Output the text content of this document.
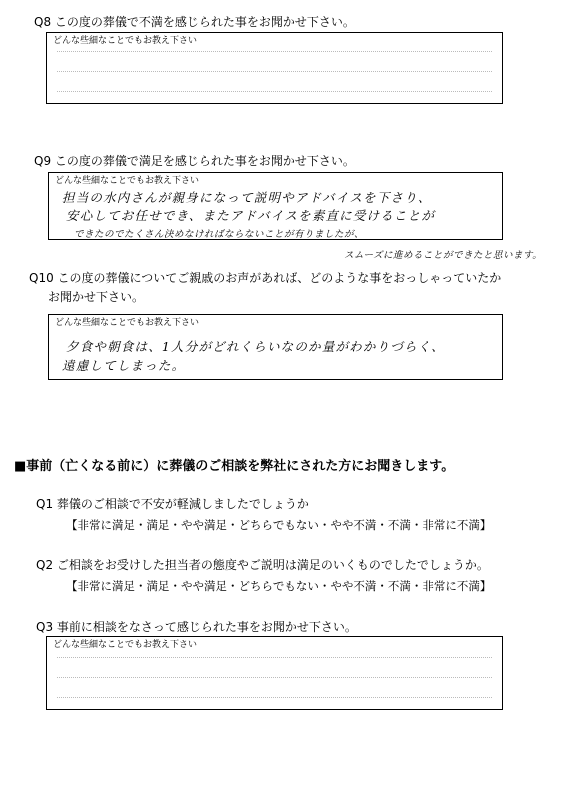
Q8 この度の葬儀で不満を感じられた事をお聞かせ下さい。
どんな些細なことでもお教え下さい
Q9 この度の葬儀で満足を感じられた事をお聞かせ下さい。
どんな些細なことでもお教え下さい
担当の水内さんが親身になって説明やアドバイスを下さり、
安心してお任せでき、またアドバイスを素直に受けることが
できたのでたくさん決めなければならないことが有りましたが、
スムーズに進めることができたと思います。
Q10 この度の葬儀についてご親戚のお声があれば、どのような事をおっしゃっていたか
お聞かせ下さい。
どんな些細なことでもお教え下さい
夕食や朝食は、1人分がどれくらいなのか量がわかりづらく、
遠慮してしまった。
■事前（亡くなる前に）に葬儀のご相談を弊社にされた方にお聞きします。
Q1 葬儀のご相談で不安が軽減しましたでしょうか
【非常に満足・満足・やや満足・どちらでもない・やや不満・不満・非常に不満】
Q2 ご相談をお受けした担当者の態度やご説明は満足のいくものでしたでしょうか。
【非常に満足・満足・やや満足・どちらでもない・やや不満・不満・非常に不満】
Q3 事前に相談をなさって感じられた事をお聞かせ下さい。
どんな些細なことでもお教え下さい
